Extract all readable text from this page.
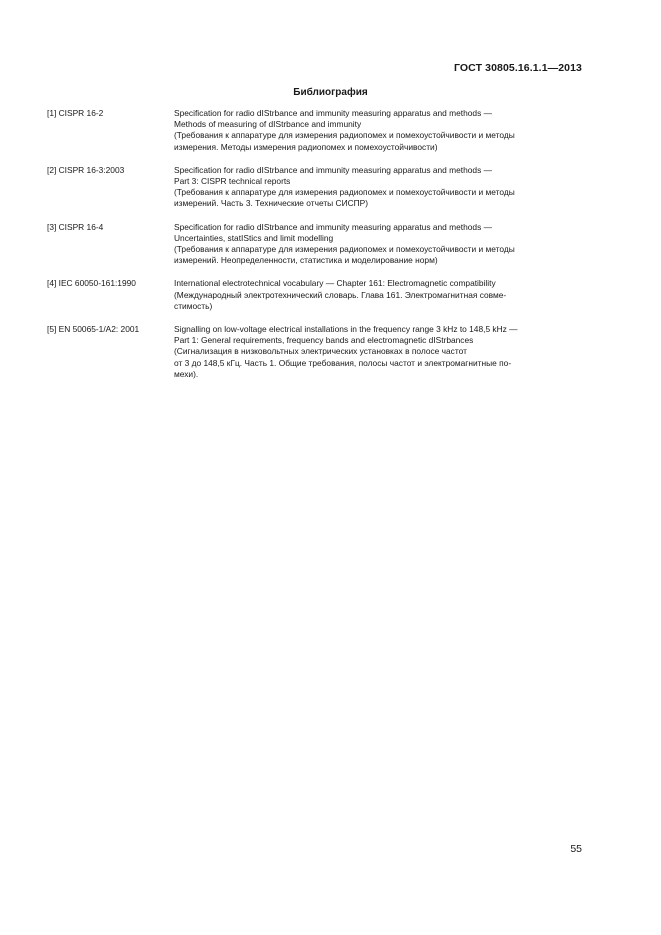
ГОСТ 30805.16.1.1—2013
Библиография
[1] CISPR 16-2	Specification for radio dIStrbance and immunity measuring apparatus and methods —
Methods of measuring of dIStrbance and immunity
(Требования к аппаратуре для измерения радиопомех и помехоустойчивости и методы
измерения. Методы измерения радиопомех и помехоустойчивости)
[2] CISPR 16-3:2003	Specification for radio dIStrbance and immunity measuring apparatus and methods —
Part 3: CISPR technical reports
(Требования к аппаратуре для измерения радиопомех и помехоустойчивости и методы
измерений. Часть 3. Технические отчеты СИСПР)
[3] CISPR 16-4	Specification for radio dIStrbance and immunity measuring apparatus and methods —
Uncertainties, statIStics and limit modelling
(Требования к аппаратуре для измерения радиопомех и помехоустойчивости и методы
измерений. Неопределенности, статистика и моделирование норм)
[4] IEC 60050-161:1990	International electrotechnical vocabulary — Chapter 161: Electromagnetic compatibility
(Международный электротехнический словарь. Глава 161. Электромагнитная совме-
стимость)
[5] EN 50065-1/A2: 2001	Signalling on low-voltage electrical installations in the frequency range 3 kHz to 148,5 kHz —
Part 1: General requirements, frequency bands and electromagnetic dIStrbances
(Сигнализация в низковольтных электрических установках в полосе частот
от 3 до 148,5 кГц. Часть 1. Общие требования, полосы частот и электромагнитные по-
мехи).
55
